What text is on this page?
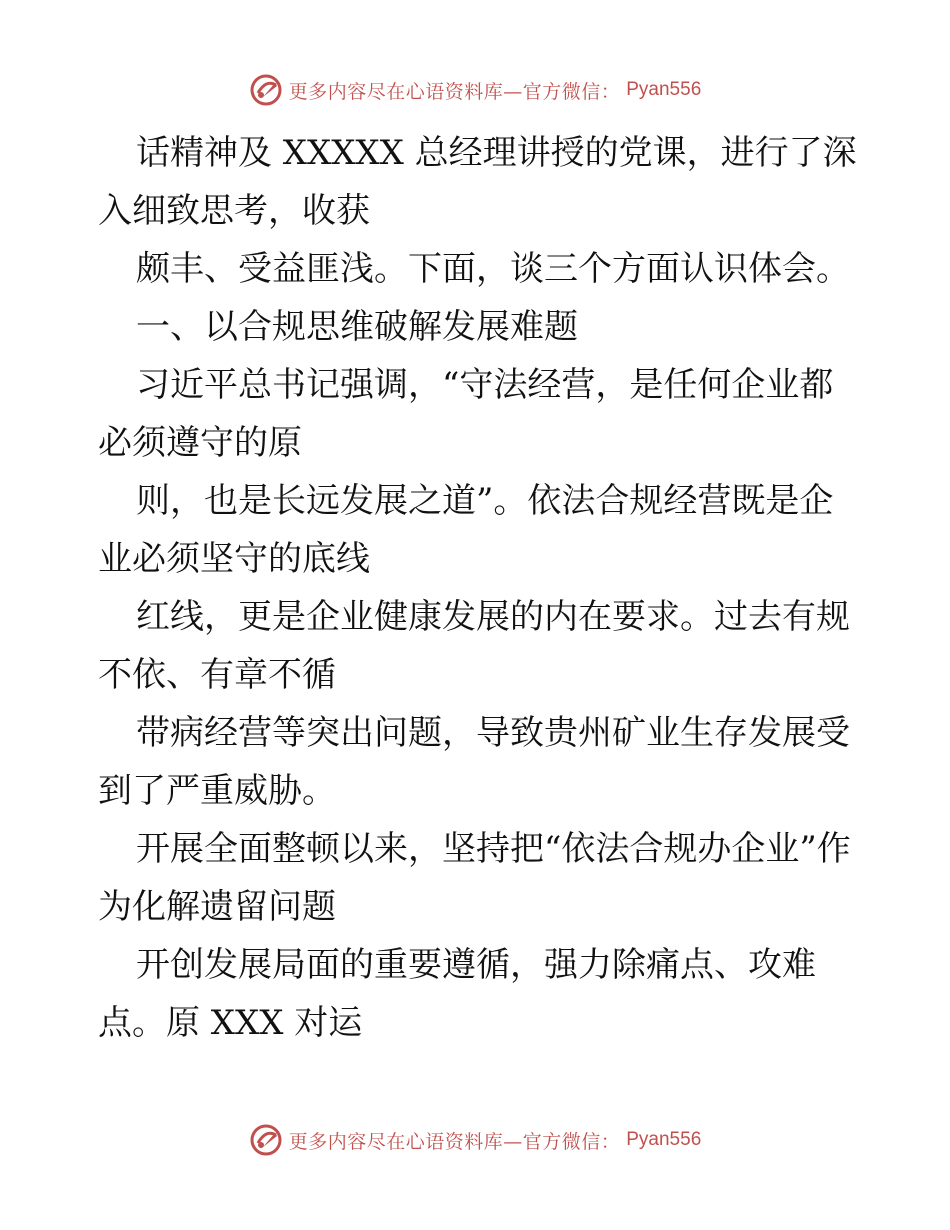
更多内容尽在心语资料库—官方微信： Pyan556

话精神及 XXXXX 总经理讲授的党课，进行了深入细致思考，收获

颇丰、受益匪浅。下面，谈三个方面认识体会。

一、以合规思维破解发展难题

习近平总书记强调，“守法经营，是任何企业都必须遵守的原

则，也是长远发展之道”。依法合规经营既是企业必须坚守的底线

红线，更是企业健康发展的内在要求。过去有规不依、有章不循

带病经营等突出问题，导致贵州矿业生存发展受到了严重威胁。

开展全面整顿以来，坚持把“依法合规办企业”作为化解遗留问题

开创发展局面的重要遵循，强力除痛点、攻难点。原 XXX 对运

更多内容尽在心语资料库—官方微信： Pyan556
